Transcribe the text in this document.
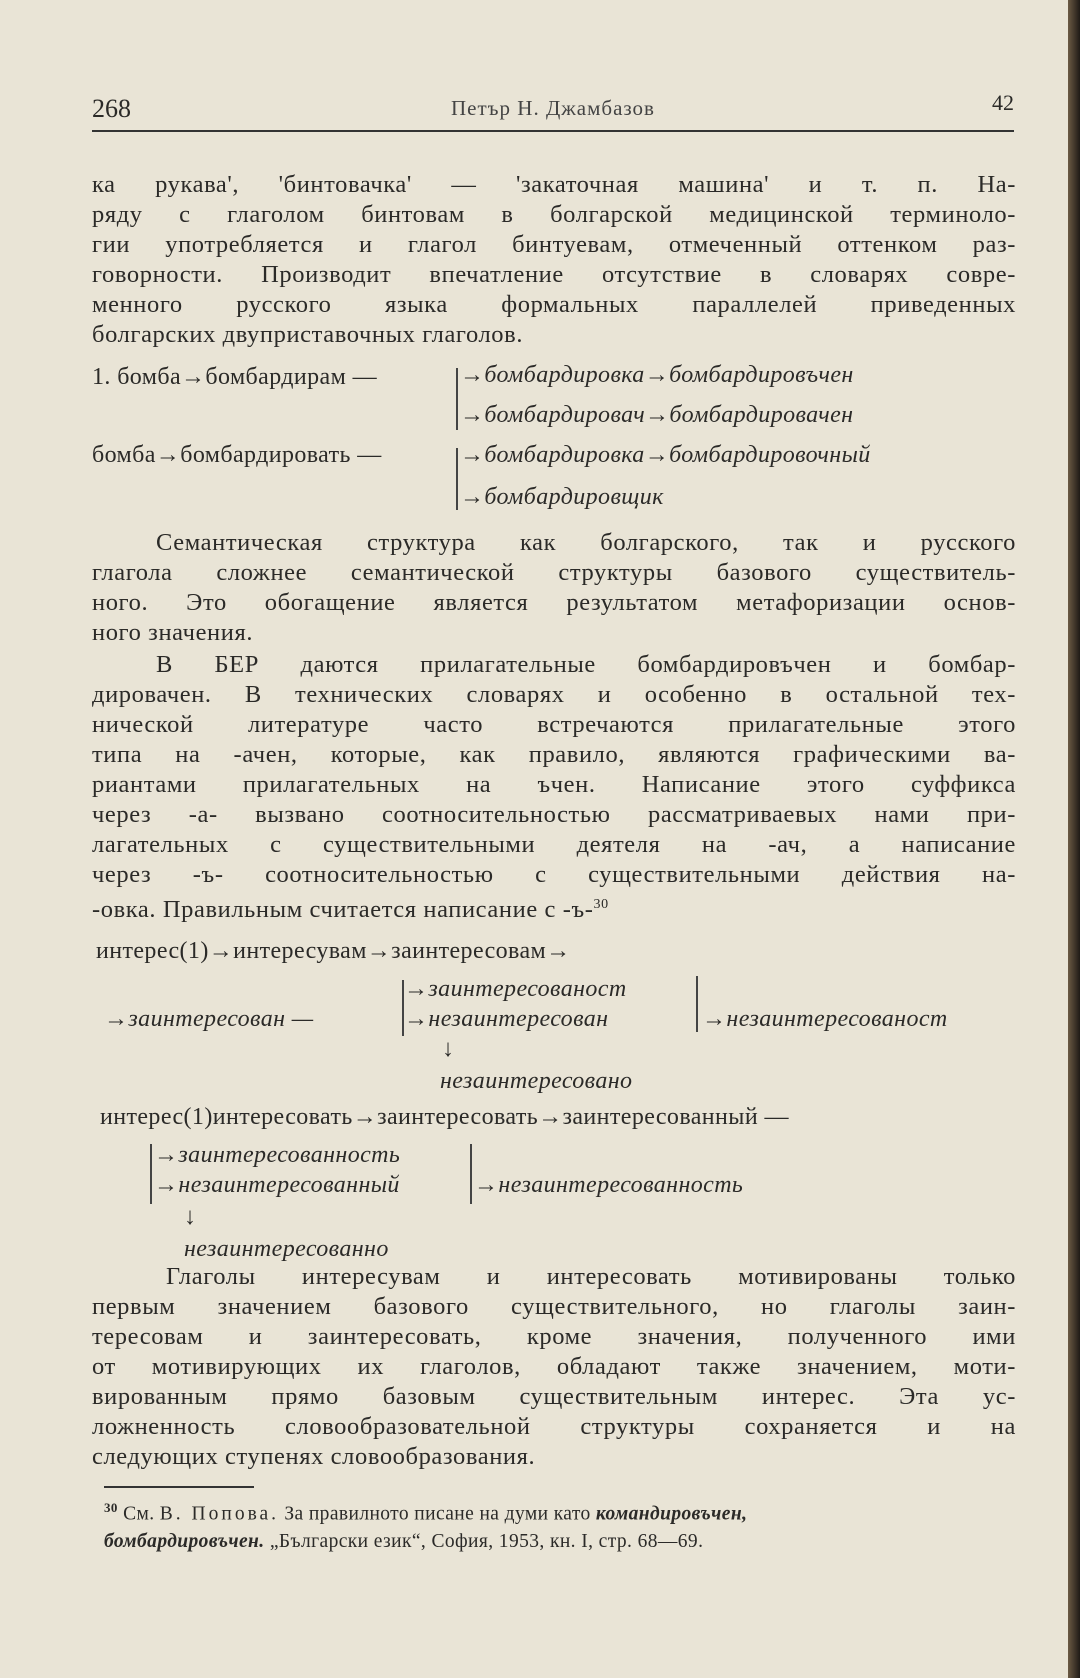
268	Петър Н. Джамбазов	42
ка рукава', 'бинтовачка' — 'закаточная машина' и т. п. На-
ряду с глаголом бинтовам в болгарской медицинской терминоло-
гии употребляется и глагол бинтуевам, отмеченный оттенком раз-
говорности. Производит впечатление отсутствие в словарях совре-
менного русского языка формальных параллелей приведенных
болгарских двуприставочных глаголов.
1. бомба→бомбардирам —	→бомбардировка→бомбардировъчен
→бомбардировач→бомбардировачен
бомба→бомбардировать —	→бомбардировка→бомбардировочный
→бомбардировщик
Семантическая структура как болгарского, так и русского
глагола сложнее семантической структуры базового существитель-
ного. Это обогащение является результатом метафоризации основ-
ного значения.
В БЕР даются прилагательные бомбардировъчен и бомбар-
дировачен. В технических словарях и особенно в остальной тех-
нической литературе часто встречаются прилагательные этого
типа на -ачен, которые, как правило, являются графическими ва-
риантами прилагательных на ъчен. Написание этого суффикса
через -а- вызвано соотносительностью рассматриваевых нами при-
лагательных с существительными деятеля на -ач, а написание
через -ъ- соотносительностью с существительными действия на-
-овка. Правильным считается написание с -ъ-$^{30}$
интерес(1)→интересувам→заинтересовам→
→заинтересованост
→заинтересован —	→незаинтересован	→незаинтересованост
↓
незаинтересовано
интерес(1)интересовать→заинтересовать→заинтересованный —
→заинтересованность
→незаинтересованный	→незаинтересованность
↓
незаинтересованно
Глаголы интересувам и интересовать мотивированы только
первым значением базового существительного, но глаголы заин-
тересовам и заинтересовать, кроме значения, полученного ими
от мотивирующих их глаголов, обладают также значением, моти-
вированным прямо базовым существительным интерес. Эта ус-
ложненность словообразовательной структуры сохраняется и на
следующих ступенях словообразования.
$^{30}$ См. В. Попова. За правилното писане на думи като командировъчен,
бомбардировъчен. „Български език“, София, 1953, кн. I, стр. 68—69.
